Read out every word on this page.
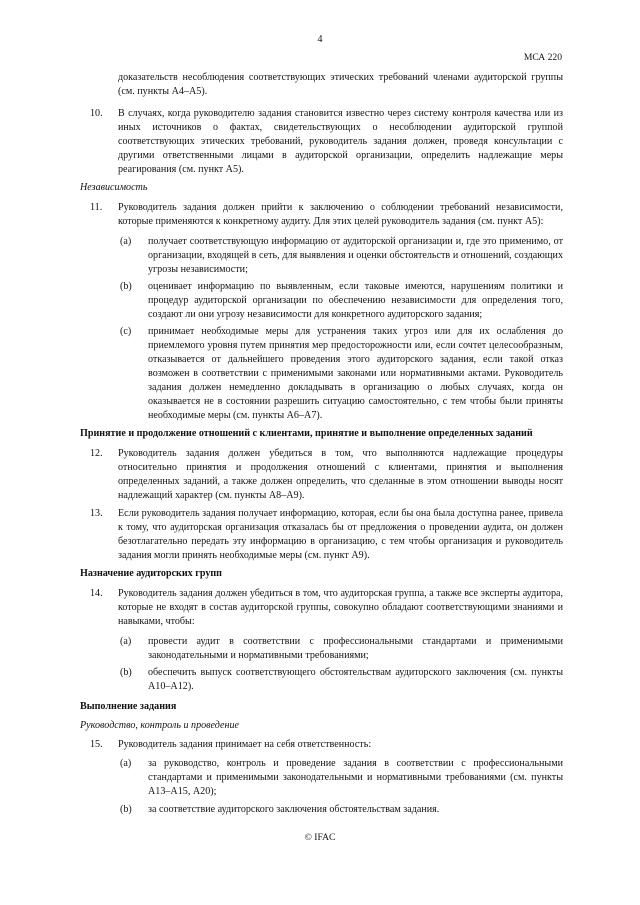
4
МСА 220
доказательств несоблюдения соответствующих этических требований членами аудиторской группы (см. пункты А4–А5).
10.	В случаях, когда руководителю задания становится известно через систему контроля качества или из иных источников о фактах, свидетельствующих о несоблюдении аудиторской группой соответствующих этических требований, руководитель задания должен, проведя консультации с другими ответственными лицами в аудиторской организации, определить надлежащие меры реагирования (см. пункт А5).
Независимость
11.	Руководитель задания должен прийти к заключению о соблюдении требований независимости, которые применяются к конкретному аудиту. Для этих целей руководитель задания (см. пункт А5):
(a)	получает соответствующую информацию от аудиторской организации и, где это применимо, от организации, входящей в сеть, для выявления и оценки обстоятельств и отношений, создающих угрозы независимости;
(b)	оценивает информацию по выявленным, если таковые имеются, нарушениям политики и процедур аудиторской организации по обеспечению независимости для определения того, создают ли они угрозу независимости для конкретного аудиторского задания;
(c)	принимает необходимые меры для устранения таких угроз или для их ослабления до приемлемого уровня путем принятия мер предосторожности или, если сочтет целесообразным, отказывается от дальнейшего проведения этого аудиторского задания, если такой отказ возможен в соответствии с применимыми законами или нормативными актами. Руководитель задания должен немедленно докладывать в организацию о любых случаях, когда он оказывается не в состоянии разрешить ситуацию самостоятельно, с тем чтобы были приняты необходимые меры (см. пункты А6–А7).
Принятие и продолжение отношений с клиентами, принятие и выполнение определенных заданий
12.	Руководитель задания должен убедиться в том, что выполняются надлежащие процедуры относительно принятия и продолжения отношений с клиентами, принятия и выполнения определенных заданий, а также должен определить, что сделанные в этом отношении выводы носят надлежащий характер (см. пункты А8–А9).
13.	Если руководитель задания получает информацию, которая, если бы она была доступна ранее, привела к тому, что аудиторская организация отказалась бы от предложения о проведении аудита, он должен безотлагательно передать эту информацию в организацию, с тем чтобы организация и руководитель задания могли принять необходимые меры (см. пункт А9).
Назначение аудиторских групп
14.	Руководитель задания должен убедиться в том, что аудиторская группа, а также все эксперты аудитора, которые не входят в состав аудиторской группы, совокупно обладают соответствующими знаниями и навыками, чтобы:
(a)	провести аудит в соответствии с профессиональными стандартами и применимыми законодательными и нормативными требованиями;
(b)	обеспечить выпуск соответствующего обстоятельствам аудиторского заключения (см. пункты А10–А12).
Выполнение задания
Руководство, контроль и проведение
15.	Руководитель задания принимает на себя ответственность:
(a)	за руководство, контроль и проведение задания в соответствии с профессиональными стандартами и применимыми законодательными и нормативными требованиями (см. пункты А13–А15, А20);
(b)	за соответствие аудиторского заключения обстоятельствам задания.
© IFAC
